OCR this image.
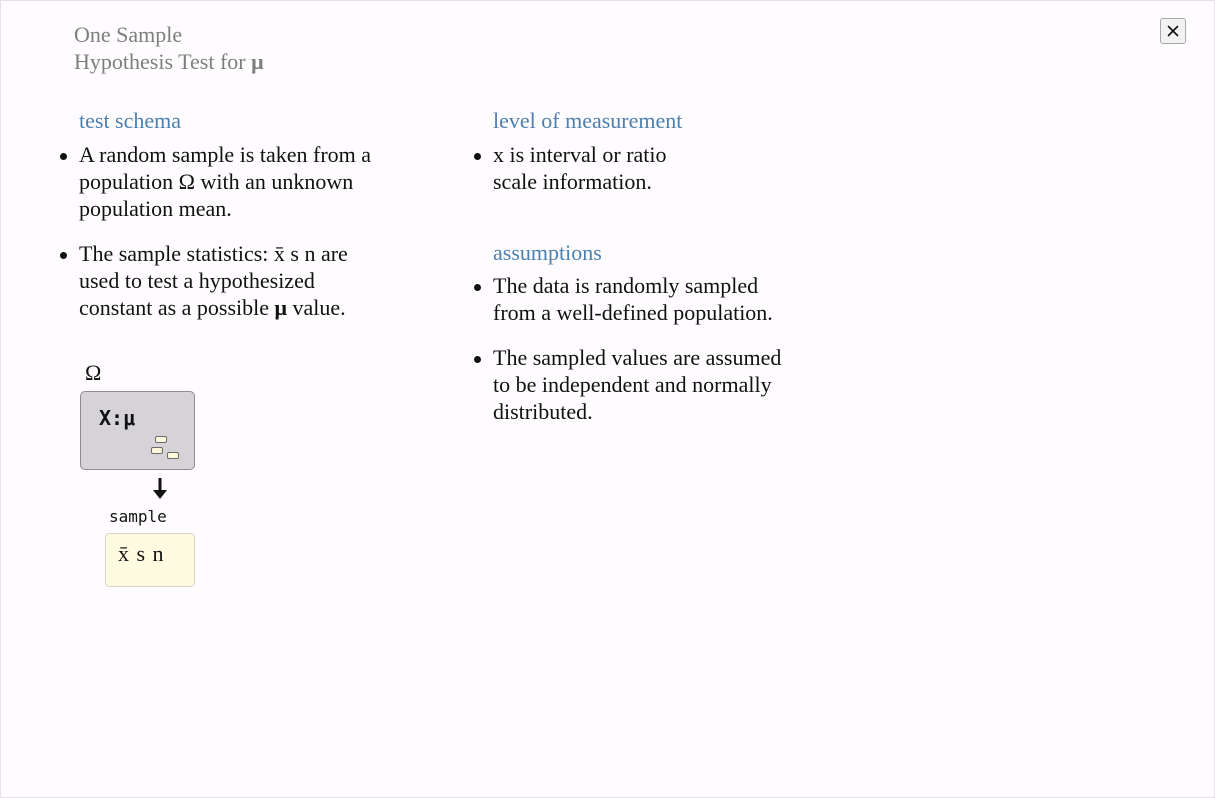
One Sample
Hypothesis Test for μ
test schema
A random sample is taken from a population Ω with an unknown population mean.
The sample statistics: x̄ s n are used to test a hypothesized constant as a possible μ value.
level of measurement
x is interval or ratio scale information.
assumptions
The data is randomly sampled from a well-defined population.
The sampled values are assumed to be independent and normally distributed.
Ω
X:μ
sample
x̄ s n
